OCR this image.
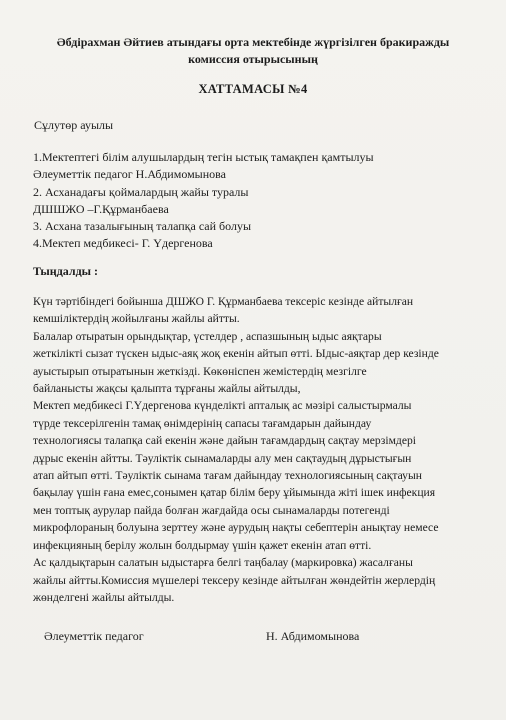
Әбдірахман Әйтиев атындағы орта мектебінде жүргізілген бракиражды
комиссия отырысының
ХАТТАМАСЫ №4
Сұлутөр ауылы
1.Мектептегі білім алушылардың тегін ыстық тамақпен қамтылуы
Әлеуметтік педагог Н.Абдимомынова
2. Асханадағы қоймалардың жайы туралы
ДШШЖО –Г.Құрманбаева
3. Асхана тазалығының талапқа сай болуы
4.Мектеп медбикесі- Г. Үдергенова
Тыңдалды :
Күн тәртібіндегі бойынша ДШЖО Г. Құрманбаева тексеріс кезінде айтылған
кемшіліктердің жойылғаны жайлы айтты.
Балалар отыратын орындықтар, үстелдер , аспазшының ыдыс аяқтары
жеткілікті сызат түскен ыдыс-аяқ жоқ екенін айтып өтті. Ыдыс-аяқтар дер кезінде
ауыстырып отыратынын жеткізді. Көкөніспен жемістердің мезгілге
байланысты жақсы қалыпта тұрғаны жайлы айтылды,
Мектеп медбикесі Г.Үдергенова күнделікті апталық ас мәзірі салыстырмалы
түрде тексерілгенін тамақ өнімдерінің сапасы тағамдарын дайындау
технологиясы талапқа сай екенін және дайын тағамдардың сақтау мерзімдері
дұрыс екенін айтты. Тәуліктік сынамаларды алу мен сақтаудың дұрыстығын
атап айтып өтті. Тәуліктік сынама тағам дайындау технологиясының сақтауын
бақылау үшін ғана емес,сонымен қатар білім беру ұйымында жіті ішек инфекция
мен топтық аурулар пайда болған жағдайда осы сынамаларды потегенді
микрофлораның болуына зерттеу және аурудың нақты себептерін анықтау немесе
инфекцияның берілу жолын болдырмау үшін қажет екенін атап өтті.
Ас қалдықтарын салатын ыдыстарға белгі таңбалау (маркировка) жасалғаны
жайлы айтты.Комиссия мүшелері тексеру кезінде айтылған жөндейтін жерлердің
жөнделгені жайлы айтылды.
Әлеуметтік педагог	Н. Абдимомынова
